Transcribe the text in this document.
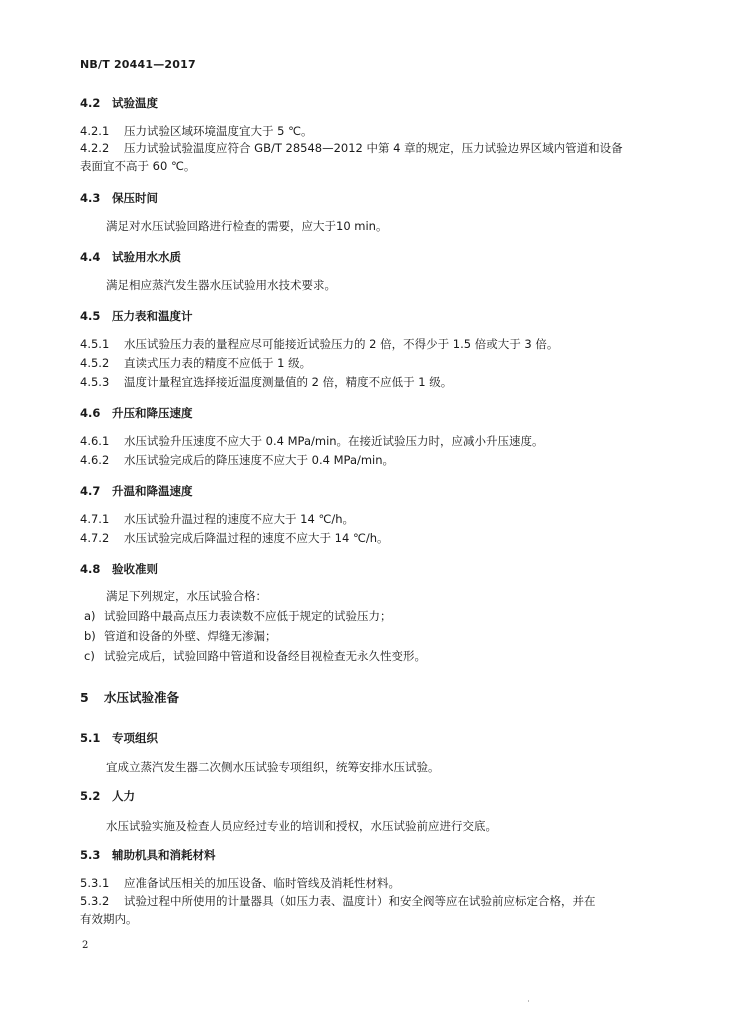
NB/T 20441—2017
4.2 试验温度
4.2.1 压力试验区域环境温度宜大于 5 ℃。
4.2.2 压力试验试验温度应符合 GB/T 28548—2012 中第 4 章的规定，压力试验边界区域内管道和设备
表面宜不高于 60 ℃。
4.3 保压时间
满足对水压试验回路进行检查的需要，应大于10 min。
4.4 试验用水水质
满足相应蒸汽发生器水压试验用水技术要求。
4.5 压力表和温度计
4.5.1 水压试验压力表的量程应尽可能接近试验压力的 2 倍，不得少于 1.5 倍或大于 3 倍。
4.5.2 直读式压力表的精度不应低于 1 级。
4.5.3 温度计量程宜选择接近温度测量值的 2 倍，精度不应低于 1 级。
4.6 升压和降压速度
4.6.1 水压试验升压速度不应大于 0.4 MPa/min。在接近试验压力时，应减小升压速度。
4.6.2 水压试验完成后的降压速度不应大于 0.4 MPa/min。
4.7 升温和降温速度
4.7.1 水压试验升温过程的速度不应大于 14 ℃/h。
4.7.2 水压试验完成后降温过程的速度不应大于 14 ℃/h。
4.8 验收准则
满足下列规定，水压试验合格：
a) 试验回路中最高点压力表读数不应低于规定的试验压力；
b) 管道和设备的外壁、焊缝无渗漏；
c) 试验完成后，试验回路中管道和设备经目视检查无永久性变形。
5 水压试验准备
5.1 专项组织
宜成立蒸汽发生器二次侧水压试验专项组织，统筹安排水压试验。
5.2 人力
水压试验实施及检查人员应经过专业的培训和授权，水压试验前应进行交底。
5.3 辅助机具和消耗材料
5.3.1 应准备试压相关的加压设备、临时管线及消耗性材料。
5.3.2 试验过程中所使用的计量器具（如压力表、温度计）和安全阀等应在试验前应标定合格，并在
有效期内。
2
